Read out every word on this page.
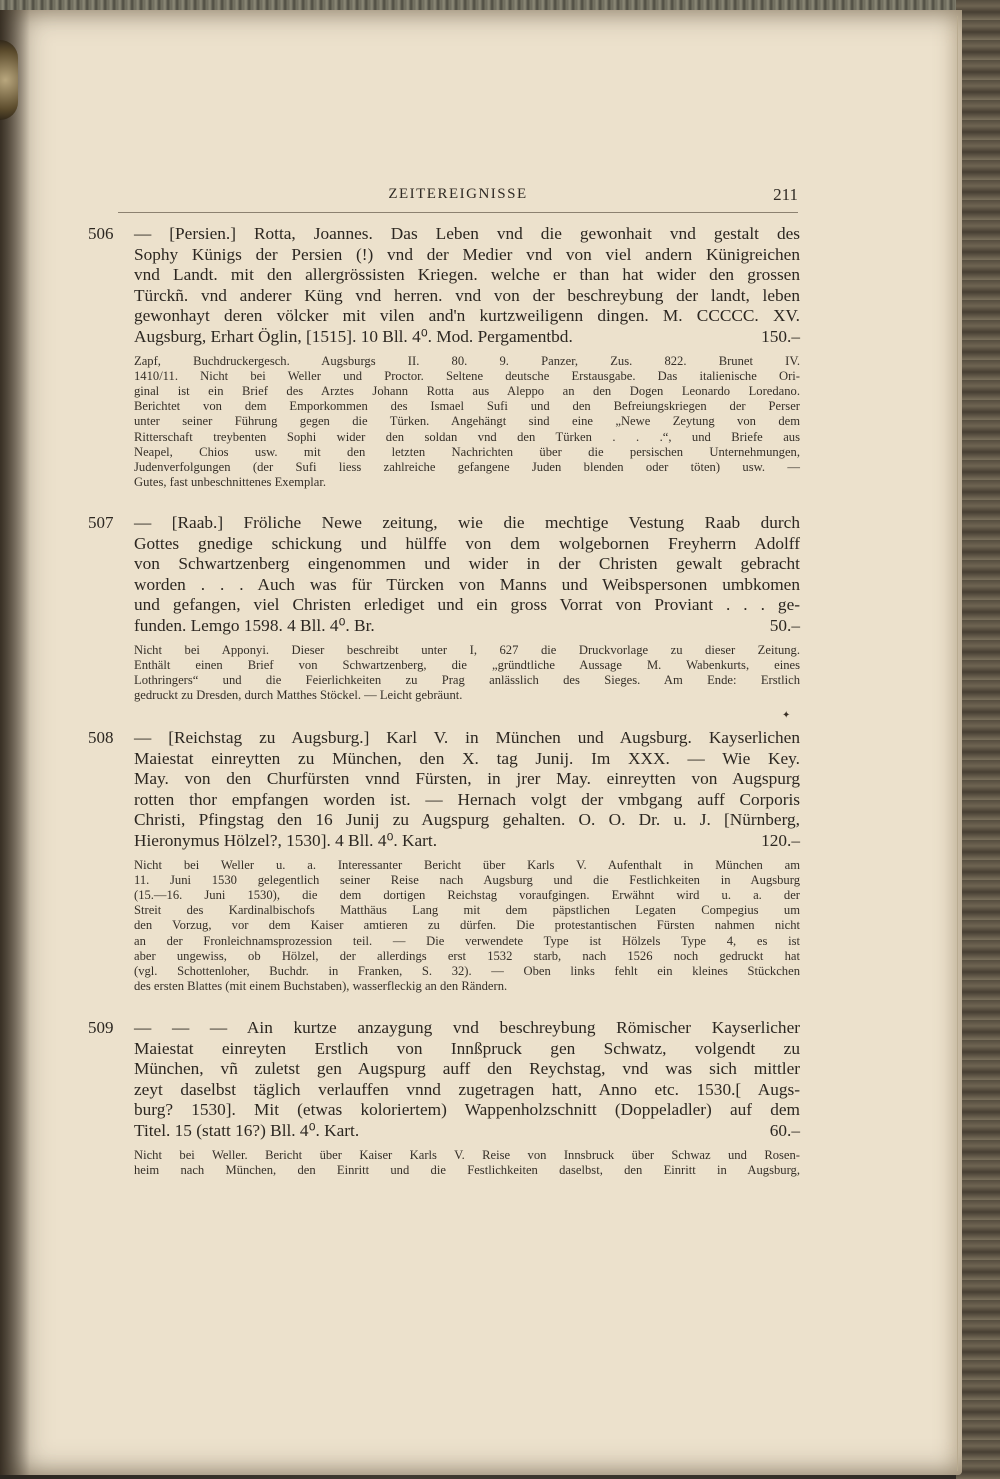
ZEITEREIGNISSE	211
506 — [Persien.] Rotta, Joannes. Das Leben vnd die gewonhait vnd gestalt des
Sophy Künigs der Persien (!) vnd der Medier vnd von viel andern Künigreichen
vnd Landt. mit den allergrössisten Kriegen. welche er than hat wider den grossen
Türckñ. vnd anderer Küng vnd herren. vnd von der beschreybung der landt, leben
gewonhayt deren völcker mit vilen and'n kurtzweiligenn dingen. M. CCCCC. XV.
Augsburg, Erhart Öglin, [1515]. 10 Bll. 4⁰. Mod. Pergamentbd.	150.–
Zapf, Buchdruckergesch. Augsburgs II. 80. 9. Panzer, Zus. 822. Brunet IV.
1410/11. Nicht bei Weller und Proctor. Seltene deutsche Erstausgabe. Das italienische Ori-
ginal ist ein Brief des Arztes Johann Rotta aus Aleppo an den Dogen Leonardo Loredano.
Berichtet von dem Emporkommen des Ismael Sufi und den Befreiungskriegen der Perser
unter seiner Führung gegen die Türken. Angehängt sind eine „Newe Zeytung von dem
Ritterschaft treybenten Sophi wider den soldan vnd den Türken . . .“, und Briefe aus
Neapel, Chios usw. mit den letzten Nachrichten über die persischen Unternehmungen,
Judenverfolgungen (der Sufi liess zahlreiche gefangene Juden blenden oder töten) usw. —
Gutes, fast unbeschnittenes Exemplar.
507 — [Raab.] Fröliche Newe zeitung, wie die mechtige Vestung Raab durch
Gottes gnedige schickung und hülffe von dem wolgebornen Freyherrn Adolff
von Schwartzenberg eingenommen und wider in der Christen gewalt gebracht
worden . . . Auch was für Türcken von Manns und Weibspersonen umbkomen
und gefangen, viel Christen erlediget und ein gross Vorrat von Proviant . . . ge-
funden. Lemgo 1598. 4 Bll. 4⁰. Br.	50.–
Nicht bei Apponyi. Dieser beschreibt unter I, 627 die Druckvorlage zu dieser Zeitung.
Enthält einen Brief von Schwartzenberg, die „gründtliche Aussage M. Wabenkurts, eines
Lothringers“ und die Feierlichkeiten zu Prag anlässlich des Sieges. Am Ende: Erstlich
gedruckt zu Dresden, durch Matthes Stöckel. — Leicht gebräunt.
✦
508 — [Reichstag zu Augsburg.] Karl V. in München und Augsburg. Kayserlichen
Maiestat einreytten zu München, den X. tag Junij. Im XXX. — Wie Key.
May. von den Churfürsten vnnd Fürsten, in jrer May. einreytten von Augspurg
rotten thor empfangen worden ist. — Hernach volgt der vmbgang auff Corporis
Christi, Pfingstag den 16 Junij zu Augspurg gehalten. O. O. Dr. u. J. [Nürnberg,
Hieronymus Hölzel?, 1530]. 4 Bll. 4⁰. Kart.	120.–
Nicht bei Weller u. a. Interessanter Bericht über Karls V. Aufenthalt in München am
11. Juni 1530 gelegentlich seiner Reise nach Augsburg und die Festlichkeiten in Augsburg
(15.—16. Juni 1530), die dem dortigen Reichstag voraufgingen. Erwähnt wird u. a. der
Streit des Kardinalbischofs Matthäus Lang mit dem päpstlichen Legaten Compegius um
den Vorzug, vor dem Kaiser amtieren zu dürfen. Die protestantischen Fürsten nahmen nicht
an der Fronleichnamsprozession teil. — Die verwendete Type ist Hölzels Type 4, es ist
aber ungewiss, ob Hölzel, der allerdings erst 1532 starb, nach 1526 noch gedruckt hat
(vgl. Schottenloher, Buchdr. in Franken, S. 32). — Oben links fehlt ein kleines Stückchen
des ersten Blattes (mit einem Buchstaben), wasserfleckig an den Rändern.
509 — — — Ain kurtze anzaygung vnd beschreybung Römischer Kayserlicher
Maiestat einreyten Erstlich von Innßpruck gen Schwatz, volgendt zu
München, vñ zuletst gen Augspurg auff den Reychstag, vnd was sich mittler
zeyt daselbst täglich verlauffen vnnd zugetragen hatt, Anno etc. 1530.[ Augs-
burg? 1530]. Mit (etwas koloriertem) Wappenholzschnitt (Doppeladler) auf dem
Titel. 15 (statt 16?) Bll. 4⁰. Kart.	60.–
Nicht bei Weller. Bericht über Kaiser Karls V. Reise von Innsbruck über Schwaz und Rosen-
heim nach München, den Einritt und die Festlichkeiten daselbst, den Einritt in Augsburg,
